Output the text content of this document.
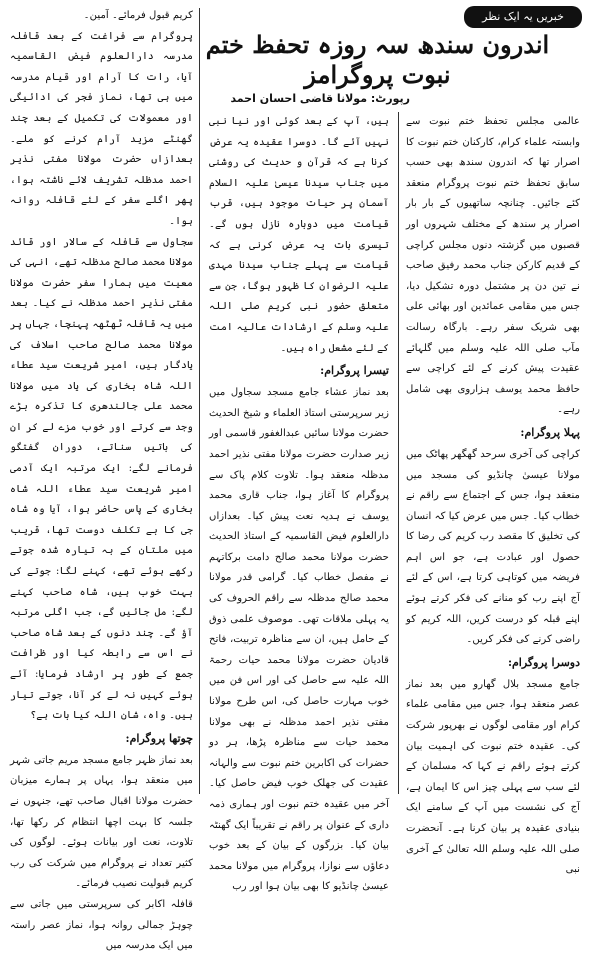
خبریں یہ ایک نظر
اندرون سندھ سہ روزہ تحفظ ختم نبوت پروگرامز
رپورٹ: مولانا قاضی احسان احمد

عالمی مجلس تحفظ ختم نبوت سے وابستہ علماء کرام، کارکنان ختم نبوت کا اصرار تھا کہ اندرون سندھ بھی حسب سابق تحفظ ختم نبوت پروگرام منعقد کئے جائیں۔ چنانچہ ساتھیوں کے بار بار اصرار پر سندھ کے مختلف شہروں اور قصبوں میں گزشتہ دنوں مجلس کراچی کے قدیم کارکن جناب محمد رفیق صاحب نے تین دن پر مشتمل دورہ تشکیل دیا، جس میں مقامی عمائدین اور بھائی علی بھی شریک سفر رہے۔ بارگاہ رسالت مآب صلی اللہ علیہ وسلم میں گلہائے عقیدت پیش کرنے کے لئے کراچی سے حافظ محمد یوسف ہزاروی بھی شامل رہے۔

پہلا پروگرام:

کراچی کی آخری سرحد گھگھر پھاٹک میں مولانا عیسیٰ چانڈیو کی مسجد میں منعقد ہوا، جس کے اجتماع سے راقم نے خطاب کیا۔ جس میں عرض کیا کہ انسان کی تخلیق کا مقصد رب کریم کی رضا کا حصول اور عبادت ہے، جو اس اہم فریضہ میں کوتاہی کرتا ہے، اس کے لئے آج اپنے رب کو منانے کی فکر کرتے ہوئے اپنے قبلہ کو درست کریں، اللہ کریم کو راضی کرنے کی فکر کریں۔

دوسرا پروگرام:

جامع مسجد بلال گھارو میں بعد نماز عصر منعقد ہوا، جس میں مقامی علماء کرام اور مقامی لوگوں نے بھرپور شرکت کی۔ عقیدہ ختم نبوت کی اہمیت بیان کرتے ہوئے راقم نے کہا کہ مسلمان کے لئے سب سے پہلی چیز اس کا ایمان ہے، آج کی نشست میں آپ کے سامنے ایک بنیادی عقیدہ پر بیان کرنا ہے۔ آنحضرت صلی اللہ علیہ وسلم اللہ تعالیٰ کے آخری نبی

ہیں، آپ کے بعد کوئی اور نیا نبی نہیں آئے گا۔ دوسرا عقیدہ یہ عرض کرنا ہے کہ قرآن و حدیث کی روشنی میں جناب سیدنا عیسیٰ علیہ السلام آسمان پر حیات موجود ہیں، قرب قیامت میں دوبارہ نازل ہوں گے۔ تیسری بات یہ عرض کرنی ہے کہ قیامت سے پہلے جناب سیدنا مہدی علیہ الرضوان کا ظہور ہوگا، جن سے متعلق حضور نبی کریم صلی اللہ علیہ وسلم کے ارشادات عالیہ امت کے لئے مشعل راہ ہیں۔

تیسرا پروگرام:

بعد نماز عشاء جامع مسجد سجاول میں زیر سرپرستی استاذ العلماء و شیخ الحدیث حضرت مولانا سائیں عبدالغفور قاسمی اور زیر صدارت حضرت مولانا مفتی نذیر احمد مدظلہ منعقد ہوا۔ تلاوت کلام پاک سے پروگرام کا آغاز ہوا، جناب قاری محمد یوسف نے ہدیہ نعت پیش کیا۔ بعدازاں دارالعلوم فیض القاسمیہ کے استاذ الحدیث حضرت مولانا محمد صالح دامت برکاتہم نے مفصل خطاب کیا۔ گرامی قدر مولانا محمد صالح مدظلہ سے راقم الحروف کی یہ پہلی ملاقات تھی۔ موصوف علمی ذوق کے حامل ہیں، ان سے مناظرہ تربیت، فاتح قادیان حضرت مولانا محمد حیات رحمۃ اللہ علیہ سے حاصل کی اور اس فن میں خوب مہارت حاصل کی، اس طرح مولانا مفتی نذیر احمد مدظلہ نے بھی مولانا محمد حیات سے مناظرہ پڑھا، ہر دو حضرات کی اکابرین ختم نبوت سے والہانہ عقیدت کی جھلک خوب فیض حاصل کیا۔ آخر میں عقیدہ ختم نبوت اور ہماری ذمہ داری کے عنوان پر راقم نے تقریباً ایک گھنٹہ بیان کیا۔ بزرگوں کے بیان کے بعد خوب دعاؤں سے نوازا، پروگرام میں مولانا محمد عیسیٰ چانڈیو کا بھی بیان ہوا اور رب

کریم قبول فرمائے۔ آمین۔

پروگرام سے فراغت کے بعد قافلہ مدرسہ دارالعلوم فیض القاسمیہ آیا، رات کا آرام اور قیام مدرسہ میں ہی تھا، نماز فجر کی ادائیگی اور معمولات کی تکمیل کے بعد چند گھنٹے مزید آرام کرنے کو ملے۔ بعدازاں حضرت مولانا مفتی نذیر احمد مدظلہ تشریف لائے ناشتہ ہوا، پھر اگلے سفر کے لئے قافلہ روانہ ہوا۔

سجاول سے قافلہ کے سالار اور قائد مولانا محمد صالح مدظلہ تھے، انہی کی معیت میں ہمارا سفر حضرت مولانا مفتی نذیر احمد مدظلہ نے کیا۔ بعد میں یہ قافلہ ٹھٹھہ پہنچا، جہاں پر مولانا محمد صالح صاحب اسلاف کی یادگار ہیں، امیر شریعت سید عطاء اللہ شاہ بخاری کی یاد میں مولانا محمد علی جالندھری کا تذکرہ بڑے وجد سے کرتے اور خوب مزے لے کر ان کی باتیں سناتے، دوران گفتگو فرمانے لگے: ایک مرتبہ ایک آدمی امیر شریعت سید عطاء اللہ شاہ بخاری کے پاس حاضر ہوا، آیا وہ شاہ جی کا بے تکلف دوست تھا، قریب میں ملتان کے بہ تیارہ شدہ جوتے رکھے ہوئے تھے، کہنے لگا: جوتے کی بہت خوب ہیں، شاہ صاحب کہنے لگے: مل جائیں گے، جب اگلی مرتبہ آؤ گے۔ چند دنوں کے بعد شاہ صاحب نے اس سے رابطہ کیا اور ظرافت جمع کے طور پر ارشاد فرمایا: آئے ہوئے کہیں نہ لے کر آنا، جوتے تیار ہیں۔ واہ، شان اللہ کیا بات ہے؟

چوتھا پروگرام:

بعد نماز ظہر جامع مسجد مریم جاتی شہر میں منعقد ہوا، یہاں پر ہمارے میزبان حضرت مولانا اقبال صاحب تھے، جنہوں نے جلسہ کا بہت اچھا انتظام کر رکھا تھا، تلاوت، نعت اور بیانات ہوئے۔ لوگوں کی کثیر تعداد نے پروگرام میں شرکت کی رب کریم قبولیت نصیب فرمائے۔

قافلہ اکابر کی سرپرستی میں جاتی سے چوہڑ جمالی روانہ ہوا، نماز عصر راستہ میں ایک مدرسہ میں
